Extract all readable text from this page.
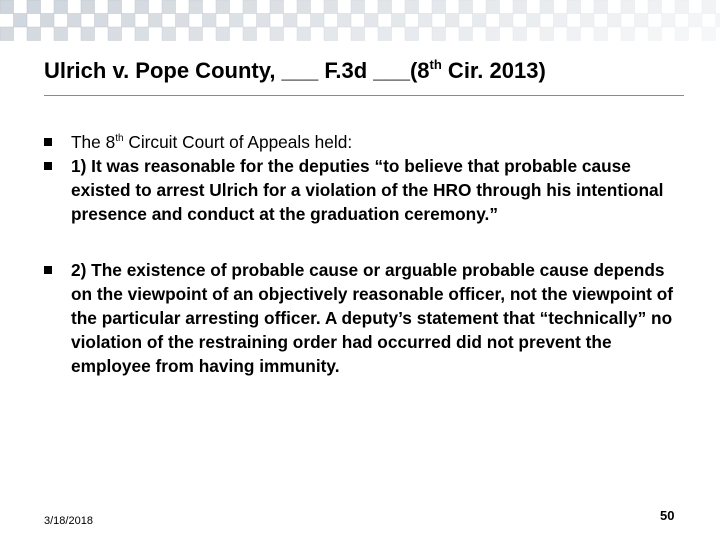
Ulrich v. Pope County, ___ F.3d ___(8th Cir. 2013)
The 8th Circuit Court of Appeals held:
1) It was reasonable for the deputies “to believe that probable cause existed to arrest Ulrich for a violation of the HRO through his intentional presence and conduct at the graduation ceremony.”
2) The existence of probable cause or arguable probable cause depends on the viewpoint of an objectively reasonable officer, not the viewpoint of the particular arresting officer. A deputy’s statement that “technically” no violation of the restraining order had occurred did not prevent the employee from having immunity.
3/18/2018	50
